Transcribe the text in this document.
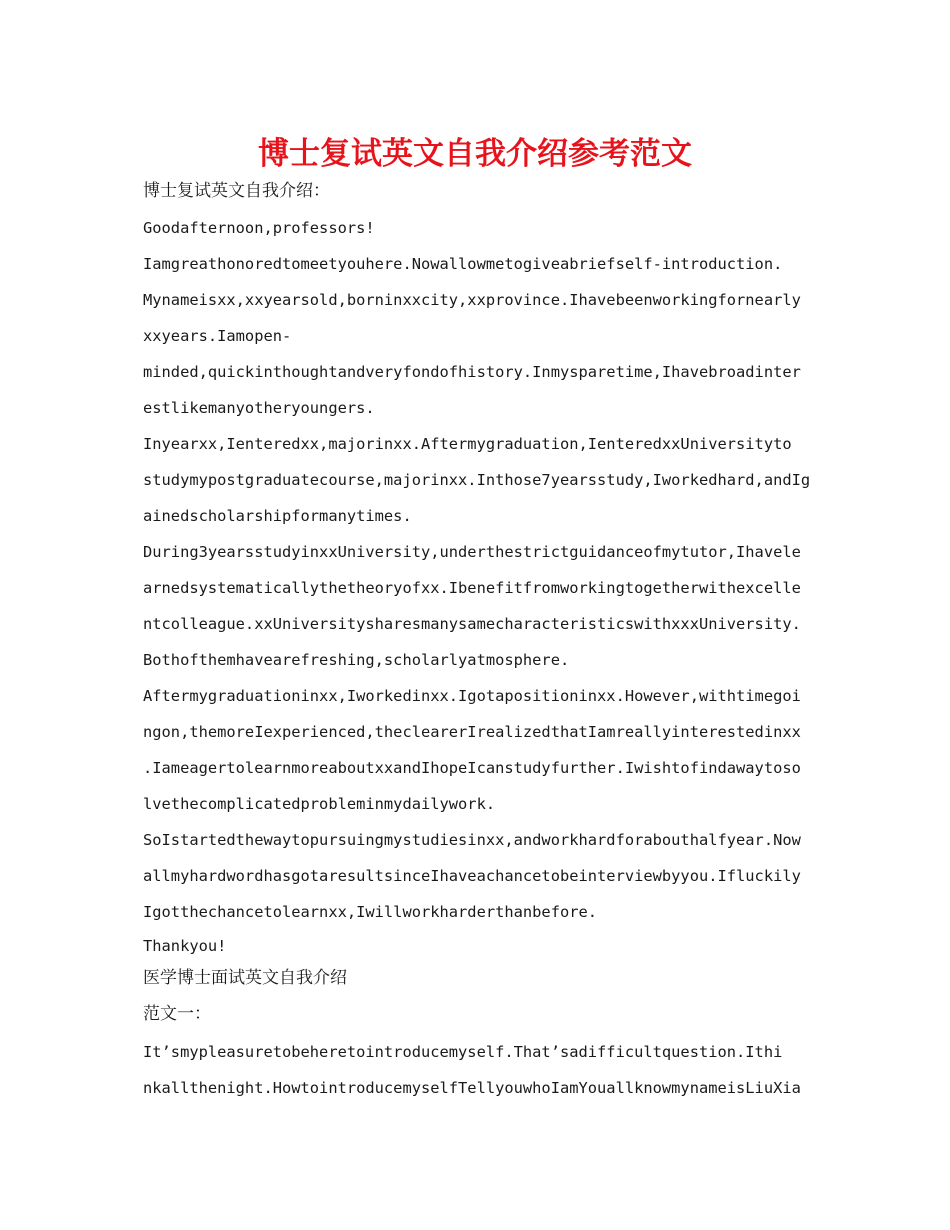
博士复试英文自我介绍参考范文
博士复试英文自我介绍：
Goodafternoon,professors!
Iamgreathonoredtomeetyouhere.Nowallowmetogiveabriefself-introduction.
Mynameisxx,xxyearsold,borninxxcity,xxprovince.Ihavebeenworkingfornearly
xxyears.Iamopen-
minded,quickinthoughtandveryfondofhistory.Inmysparetime,Ihavebroadinter
estlikemanyotheryoungers.
Inyearxx,Ienteredxx,majorinxx.Aftermygraduation,IenteredxxUniversityto
studymypostgraduatecourse,majorinxx.Inthose7yearsstudy,Iworkedhard,andIg
ainedscholarshipformanytimes.
During3yearsstudyinxxUniversity,underthestrictguidanceofmytutor,Ihavele
arnedsystematicallythetheoryofxx.Ibenefitfromworkingtogetherwithexcelle
ntcolleague.xxUniversitysharesmanysamecharacteristicswithxxxUniversity.
Bothofthemhavearefreshing,scholarlyatmosphere.
Aftermygraduationinxx,Iworkedinxx.Igotapositioninxx.However,withtimegoi
ngon,themoreIexperienced,theclearerIrealizedthatIamreallyinterestedinxx
.IameagertolearnmoreaboutxxandIhopeIcanstudyfurther.Iwishtofindawaytoso
lvethecomplicatedprobleminmydailywork.
SoIstartedthewaytopursuingmystudiesinxx,andworkhardforabouthalfyear.Now
allmyhardwordhasgotaresultsinceIhaveachancetobeinterviewbyyou.Ifluckily
Igotthechancetolearnxx,Iwillworkharderthanbefore.
Thankyou!
医学博士面试英文自我介绍
范文一：
It’smypleasuretobeheretointroducemyself.That’sadifficultquestion.Ithi
nkallthenight.HowtointroducemyselfTellyouwhoIamYouallknowmynameisLiuXia
